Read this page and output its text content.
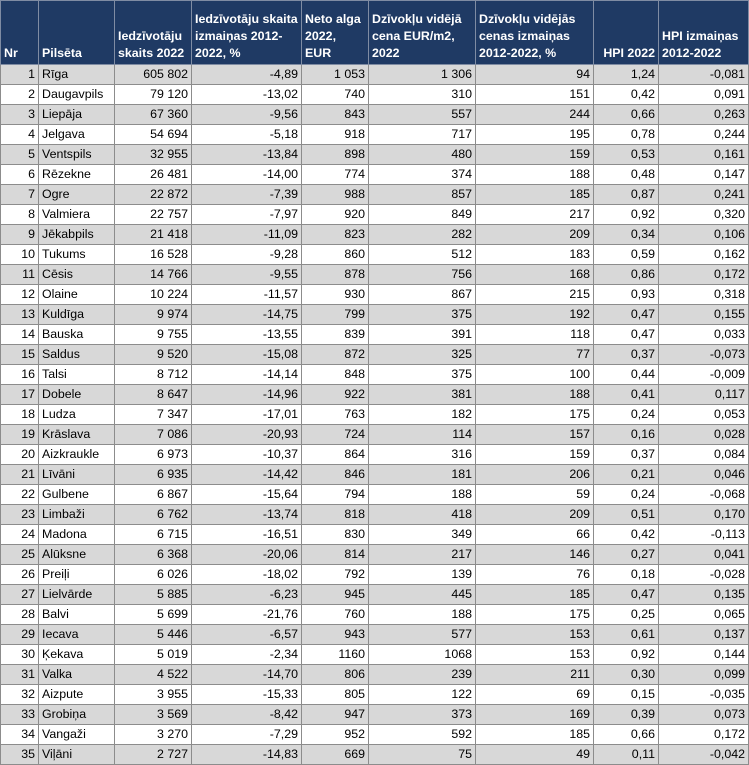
Nr	Pilsēta	Iedzīvotāju skaits 2022	Iedzīvotāju skaita izmaiņas 2012-2022, %	Neto alga 2022, EUR	Dzīvokļu vidējā cena EUR/m2, 2022	Dzīvokļu vidējās cenas izmaiņas 2012-2022, %	HPI 2022	HPI izmaiņas 2012-2022
1	Rīga	605 802	-4,89	1 053	1 306	94	1,24	-0,081
2	Daugavpils	79 120	-13,02	740	310	151	0,42	0,091
3	Liepāja	67 360	-9,56	843	557	244	0,66	0,263
4	Jelgava	54 694	-5,18	918	717	195	0,78	0,244
5	Ventspils	32 955	-13,84	898	480	159	0,53	0,161
6	Rēzekne	26 481	-14,00	774	374	188	0,48	0,147
7	Ogre	22 872	-7,39	988	857	185	0,87	0,241
8	Valmiera	22 757	-7,97	920	849	217	0,92	0,320
9	Jēkabpils	21 418	-11,09	823	282	209	0,34	0,106
10	Tukums	16 528	-9,28	860	512	183	0,59	0,162
11	Cēsis	14 766	-9,55	878	756	168	0,86	0,172
12	Olaine	10 224	-11,57	930	867	215	0,93	0,318
13	Kuldīga	9 974	-14,75	799	375	192	0,47	0,155
14	Bauska	9 755	-13,55	839	391	118	0,47	0,033
15	Saldus	9 520	-15,08	872	325	77	0,37	-0,073
16	Talsi	8 712	-14,14	848	375	100	0,44	-0,009
17	Dobele	8 647	-14,96	922	381	188	0,41	0,117
18	Ludza	7 347	-17,01	763	182	175	0,24	0,053
19	Krāslava	7 086	-20,93	724	114	157	0,16	0,028
20	Aizkraukle	6 973	-10,37	864	316	159	0,37	0,084
21	Līvāni	6 935	-14,42	846	181	206	0,21	0,046
22	Gulbene	6 867	-15,64	794	188	59	0,24	-0,068
23	Limbaži	6 762	-13,74	818	418	209	0,51	0,170
24	Madona	6 715	-16,51	830	349	66	0,42	-0,113
25	Alūksne	6 368	-20,06	814	217	146	0,27	0,041
26	Preiļi	6 026	-18,02	792	139	76	0,18	-0,028
27	Lielvārde	5 885	-6,23	945	445	185	0,47	0,135
28	Balvi	5 699	-21,76	760	188	175	0,25	0,065
29	Iecava	5 446	-6,57	943	577	153	0,61	0,137
30	Ķekava	5 019	-2,34	1160	1068	153	0,92	0,144
31	Valka	4 522	-14,70	806	239	211	0,30	0,099
32	Aizpute	3 955	-15,33	805	122	69	0,15	-0,035
33	Grobiņa	3 569	-8,42	947	373	169	0,39	0,073
34	Vangaži	3 270	-7,29	952	592	185	0,66	0,172
35	Viļāni	2 727	-14,83	669	75	49	0,11	-0,042
